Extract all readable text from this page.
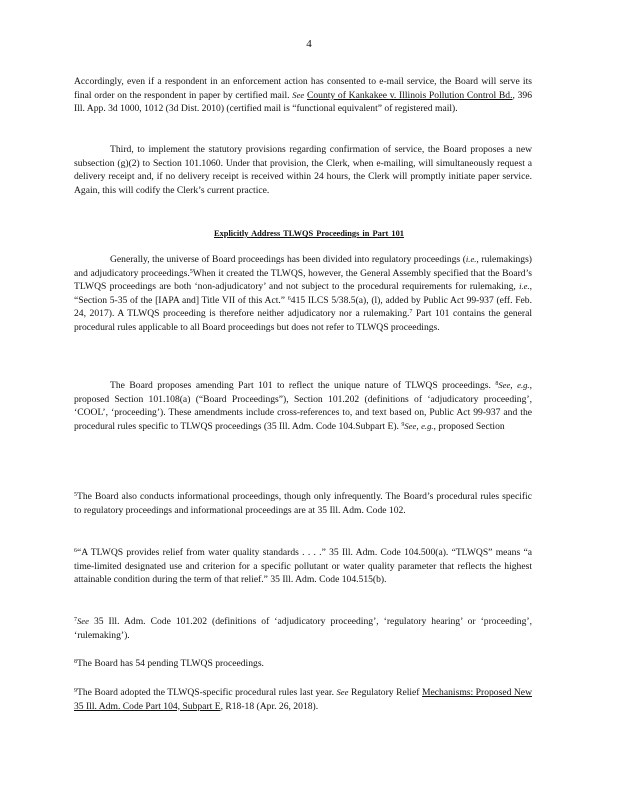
4

Accordingly, even if a respondent in an enforcement action has consented to e-mail service, the Board will serve its final order on the respondent in paper by certified mail. See County of Kankakee v. Illinois Pollution Control Bd., 396 Ill. App. 3d 1000, 1012 (3d Dist. 2010) (certified mail is “functional equivalent” of registered mail).

Third, to implement the statutory provisions regarding confirmation of service, the Board proposes a new subsection (g)(2) to Section 101.1060. Under that provision, the Clerk, when e-mailing, will simultaneously request a delivery receipt and, if no delivery receipt is received within 24 hours, the Clerk will promptly initiate paper service. Again, this will codify the Clerk’s current practice.

Explicitly Address TLWQS Proceedings in Part 101

Generally, the universe of Board proceedings has been divided into regulatory proceedings (i.e., rulemakings) and adjudicatory proceedings.$^5$When it created the TLWQS, however, the General Assembly specified that the Board’s TLWQS proceedings are both ‘non-adjudicatory’ and not subject to the procedural requirements for rulemaking, i.e., “Section 5-35 of the [IAPA and] Title VII of this Act.” $^6$415 ILCS 5/38.5(a), (l), added by Public Act 99-937 (eff. Feb. 24, 2017). A TLWQS proceeding is therefore neither adjudicatory nor a rulemaking.$^7$ Part 101 contains the general procedural rules applicable to all Board proceedings but does not refer to TLWQS proceedings.

The Board proposes amending Part 101 to reflect the unique nature of TLWQS proceedings. $^8$See, e.g., proposed Section 101.108(a) (“Board Proceedings”), Section 101.202 (definitions of ‘adjudicatory proceeding’, ‘COOL’, ‘proceeding’). These amendments include cross-references to, and text based on, Public Act 99-937 and the procedural rules specific to TLWQS proceedings (35 Ill. Adm. Code 104.Subpart E). $^9$See, e.g., proposed Section

$^5$The Board also conducts informational proceedings, though only infrequently. The Board’s procedural rules specific to regulatory proceedings and informational proceedings are at 35 Ill. Adm. Code 102.

$^6$“A TLWQS provides relief from water quality standards . . . .” 35 Ill. Adm. Code 104.500(a). “TLWQS” means “a time-limited designated use and criterion for a specific pollutant or water quality parameter that reflects the highest attainable condition during the term of that relief.” 35 Ill. Adm. Code 104.515(b).

$^7$See 35 Ill. Adm. Code 101.202 (definitions of ‘adjudicatory proceeding’, ‘regulatory hearing’ or ‘proceeding’, ‘rulemaking’).

$^8$The Board has 54 pending TLWQS proceedings.

$^9$The Board adopted the TLWQS-specific procedural rules last year. See Regulatory Relief Mechanisms: Proposed New 35 Ill. Adm. Code Part 104, Subpart E, R18-18 (Apr. 26, 2018).
